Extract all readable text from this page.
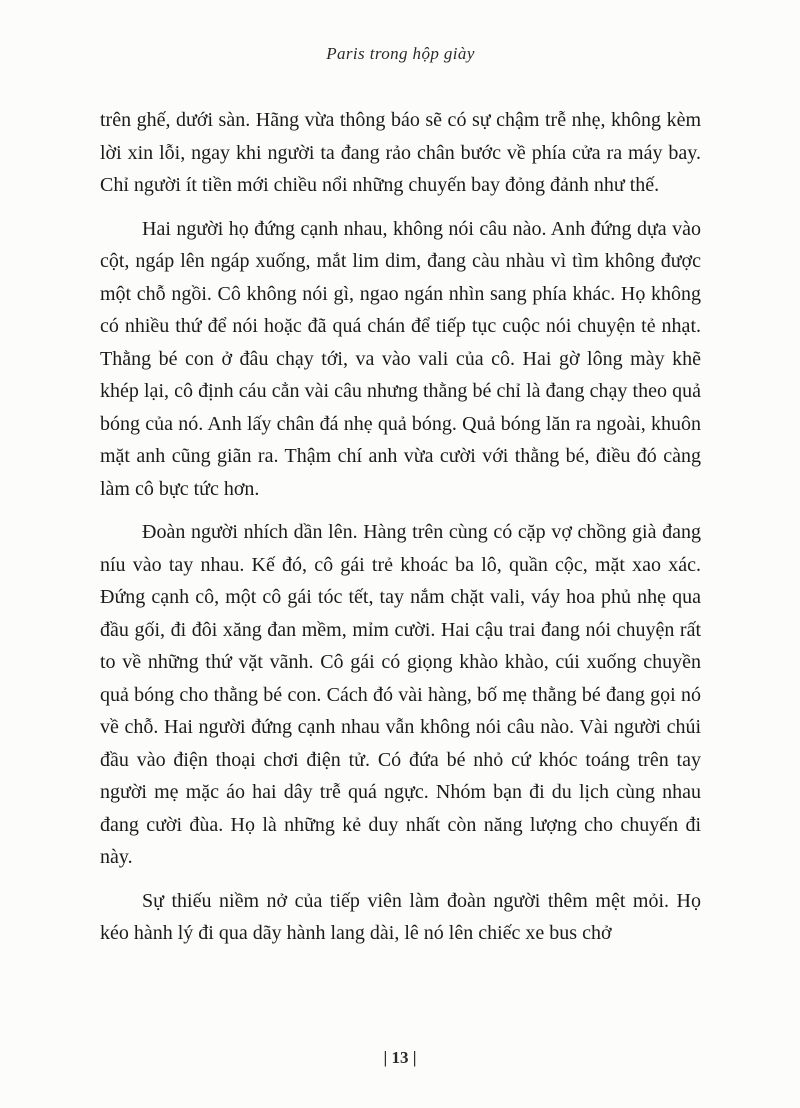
Paris trong hộp giày

trên ghế, dưới sàn. Hãng vừa thông báo sẽ có sự chậm trễ nhẹ, không kèm lời xin lỗi, ngay khi người ta đang rảo chân bước về phía cửa ra máy bay. Chỉ người ít tiền mới chiều nổi những chuyến bay đỏng đảnh như thế.

Hai người họ đứng cạnh nhau, không nói câu nào. Anh đứng dựa vào cột, ngáp lên ngáp xuống, mắt lim dim, đang càu nhàu vì tìm không được một chỗ ngồi. Cô không nói gì, ngao ngán nhìn sang phía khác. Họ không có nhiều thứ để nói hoặc đã quá chán để tiếp tục cuộc nói chuyện tẻ nhạt. Thằng bé con ở đâu chạy tới, va vào vali của cô. Hai gờ lông mày khẽ khép lại, cô định cáu cẳn vài câu nhưng thằng bé chỉ là đang chạy theo quả bóng của nó. Anh lấy chân đá nhẹ quả bóng. Quả bóng lăn ra ngoài, khuôn mặt anh cũng giãn ra. Thậm chí anh vừa cười với thằng bé, điều đó càng làm cô bực tức hơn.

Đoàn người nhích dần lên. Hàng trên cùng có cặp vợ chồng già đang níu vào tay nhau. Kế đó, cô gái trẻ khoác ba lô, quần cộc, mặt xao xác. Đứng cạnh cô, một cô gái tóc tết, tay nắm chặt vali, váy hoa phủ nhẹ qua đầu gối, đi đôi xăng đan mềm, mỉm cười. Hai cậu trai đang nói chuyện rất to về những thứ vặt vãnh. Cô gái có giọng khào khào, cúi xuống chuyền quả bóng cho thằng bé con. Cách đó vài hàng, bố mẹ thằng bé đang gọi nó về chỗ. Hai người đứng cạnh nhau vẫn không nói câu nào. Vài người chúi đầu vào điện thoại chơi điện tử. Có đứa bé nhỏ cứ khóc toáng trên tay người mẹ mặc áo hai dây trễ quá ngực. Nhóm bạn đi du lịch cùng nhau đang cười đùa. Họ là những kẻ duy nhất còn năng lượng cho chuyến đi này.

Sự thiếu niềm nở của tiếp viên làm đoàn người thêm mệt mỏi. Họ kéo hành lý đi qua dãy hành lang dài, lê nó lên chiếc xe bus chở

| 13 |
